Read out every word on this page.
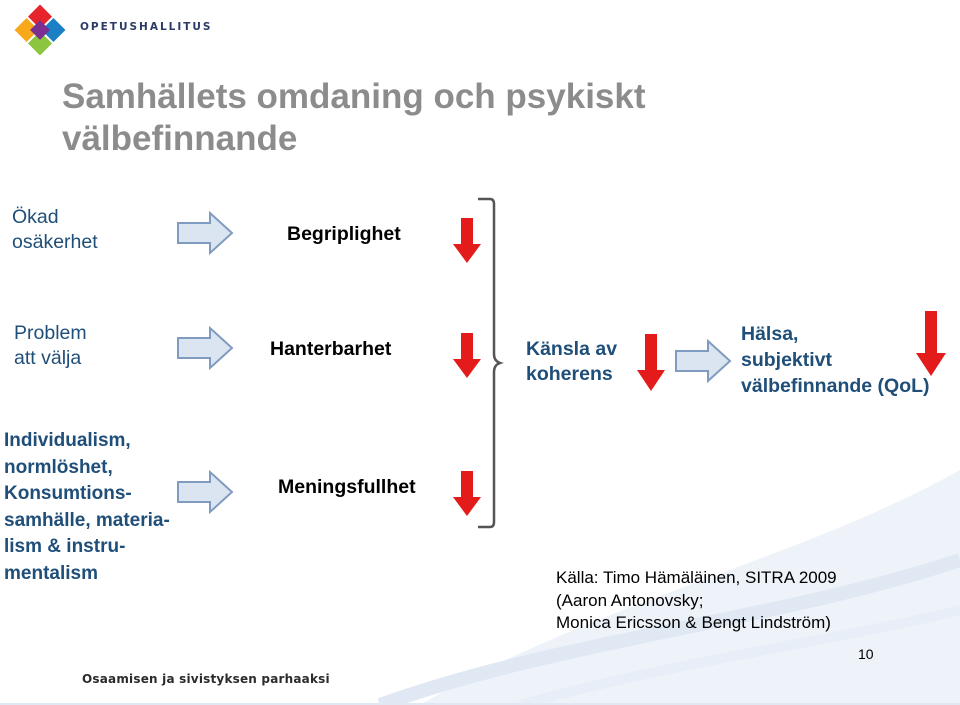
OPETUSHALLITUS
Samhällets omdaning och psykiskt
välbefinnande
Ökad
osäkerhet
Problem
att välja
Individualism,
normlöshet,
Konsumtions-
samhälle, materia-
lism & instru-
mentalism
Begriplighet
Hanterbarhet
Meningsfullhet
Känsla av
koherens
Hälsa,
subjektivt
välbefinnande (QoL)
Källa: Timo Hämäläinen, SITRA 2009
(Aaron Antonovsky;
Monica Ericsson & Bengt Lindström)
10
Osaamisen ja sivistyksen parhaaksi
